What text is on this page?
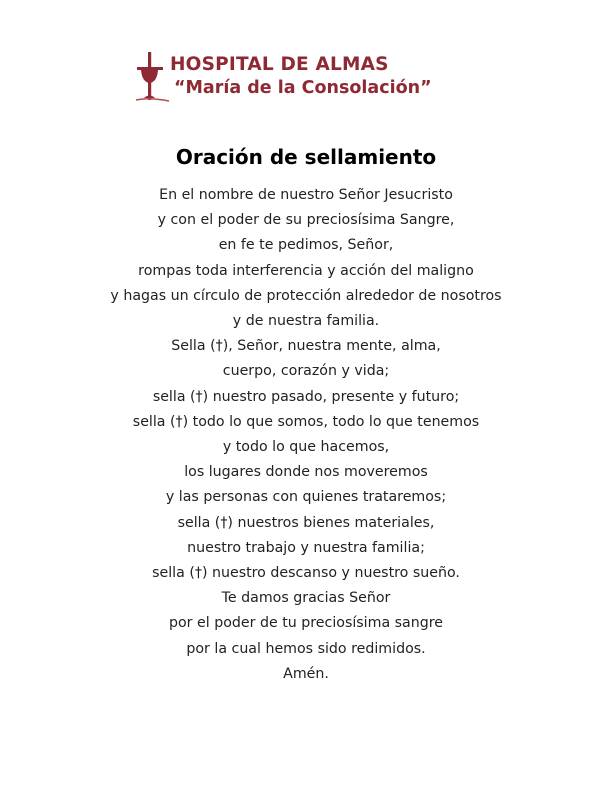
HOSPITAL DE ALMAS
“María de la Consolación”
Oración de sellamiento
En el nombre de nuestro Señor Jesucristo
y con el poder de su preciosísima Sangre,
en fe te pedimos, Señor,
rompas toda interferencia y acción del maligno
y hagas un círculo de protección alrededor de nosotros
y de nuestra familia.
Sella (†), Señor, nuestra mente, alma,
cuerpo, corazón y vida;
sella (†) nuestro pasado, presente y futuro;
sella (†) todo lo que somos, todo lo que tenemos
y todo lo que hacemos,
los lugares donde nos moveremos
y las personas con quienes trataremos;
sella (†) nuestros bienes materiales,
nuestro trabajo y nuestra familia;
sella (†) nuestro descanso y nuestro sueño.
Te damos gracias Señor
por el poder de tu preciosísima sangre
por la cual hemos sido redimidos.
Amén.
